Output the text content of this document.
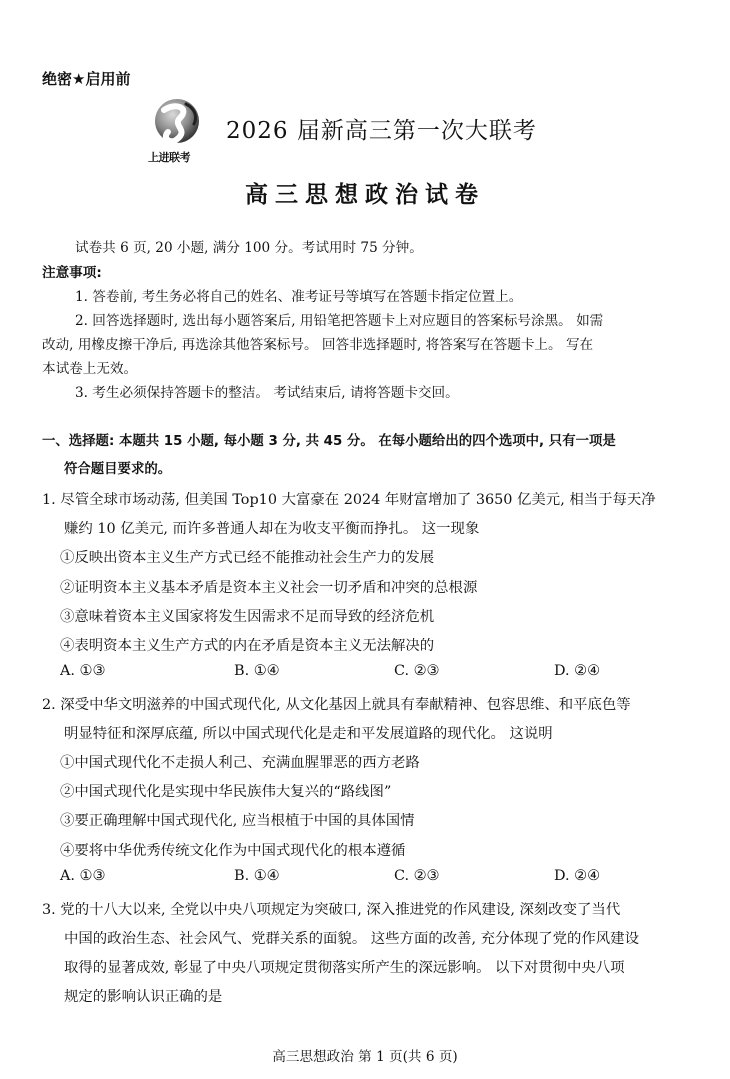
绝密★启用前
上进联考
2026 届新高三第一次大联考
高三思想政治试卷
试卷共 6 页, 20 小题, 满分 100 分。考试用时 75 分钟。
注意事项:
1. 答卷前, 考生务必将自己的姓名、准考证号等填写在答题卡指定位置上。
2. 回答选择题时, 选出每小题答案后, 用铅笔把答题卡上对应题目的答案标号涂黑。 如需
改动, 用橡皮擦干净后, 再选涂其他答案标号。 回答非选择题时, 将答案写在答题卡上。 写在
本试卷上无效。
3. 考生必须保持答题卡的整洁。 考试结束后, 请将答题卡交回。
一、选择题: 本题共 15 小题, 每小题 3 分, 共 45 分。 在每小题给出的四个选项中, 只有一项是
符合题目要求的。
1. 尽管全球市场动荡, 但美国 Top10 大富豪在 2024 年财富增加了 3650 亿美元, 相当于每天净
赚约 10 亿美元, 而许多普通人却在为收支平衡而挣扎。 这一现象
①反映出资本主义生产方式已经不能推动社会生产力的发展
②证明资本主义基本矛盾是资本主义社会一切矛盾和冲突的总根源
③意味着资本主义国家将发生因需求不足而导致的经济危机
④表明资本主义生产方式的内在矛盾是资本主义无法解决的
A. ①③	B. ①④	C. ②③	D. ②④
2. 深受中华文明滋养的中国式现代化, 从文化基因上就具有奉献精神、包容思维、和平底色等
明显特征和深厚底蕴, 所以中国式现代化是走和平发展道路的现代化。 这说明
①中国式现代化不走损人利己、充满血腥罪恶的西方老路
②中国式现代化是实现中华民族伟大复兴的“路线图”
③要正确理解中国式现代化, 应当根植于中国的具体国情
④要将中华优秀传统文化作为中国式现代化的根本遵循
A. ①③	B. ①④	C. ②③	D. ②④
3. 党的十八大以来, 全党以中央八项规定为突破口, 深入推进党的作风建设, 深刻改变了当代
中国的政治生态、社会风气、党群关系的面貌。 这些方面的改善, 充分体现了党的作风建设
取得的显著成效, 彰显了中央八项规定贯彻落实所产生的深远影响。 以下对贯彻中央八项
规定的影响认识正确的是
高三思想政治 第 1 页(共 6 页)
